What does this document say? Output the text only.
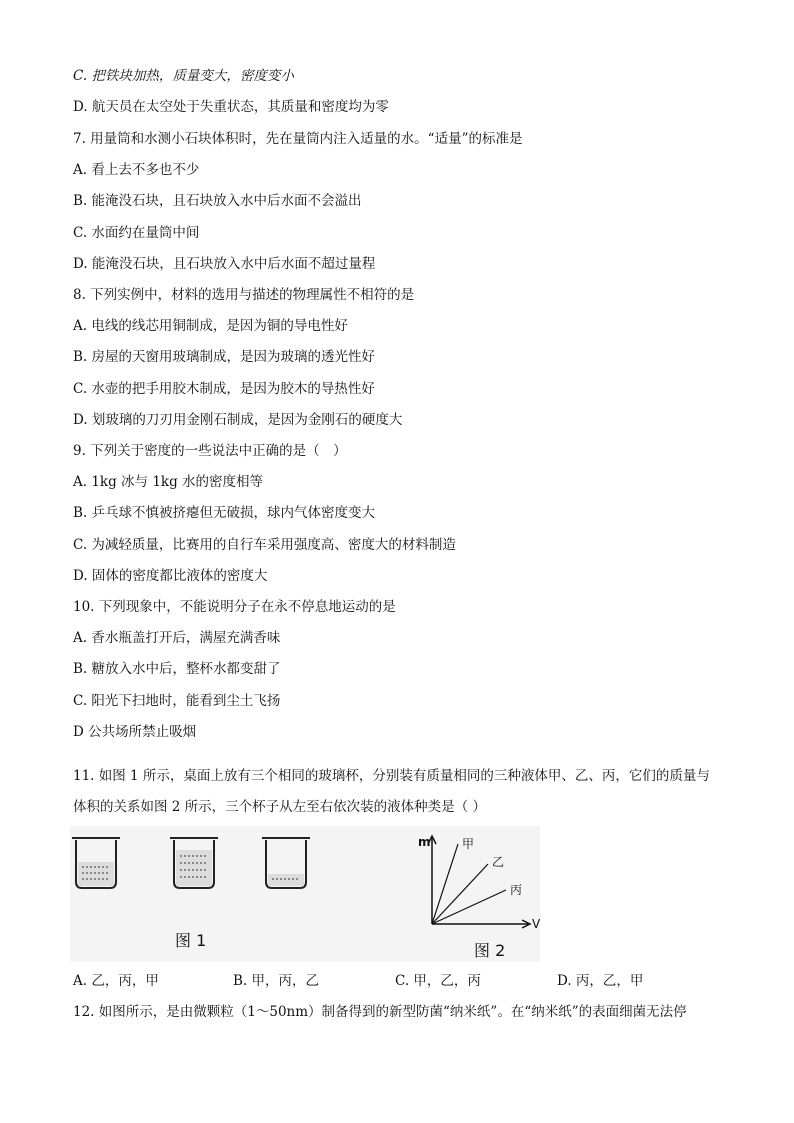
C. 把铁块加热，质量变大，密度变小
D. 航天员在太空处于失重状态，其质量和密度均为零
7. 用量筒和水测小石块体积时，先在量筒内注入适量的水。“适量”的标准是
A. 看上去不多也不少
B. 能淹没石块，且石块放入水中后水面不会溢出
C. 水面约在量筒中间
D. 能淹没石块，且石块放入水中后水面不超过量程
8. 下列实例中，材料的选用与描述的物理属性不相符的是
A. 电线的线芯用铜制成，是因为铜的导电性好
B. 房屋的天窗用玻璃制成，是因为玻璃的透光性好
C. 水壶的把手用胶木制成，是因为胶木的导热性好
D. 划玻璃的刀刃用金刚石制成，是因为金刚石的硬度大
9. 下列关于密度的一些说法中正确的是（　）
A. 1kg 冰与 1kg 水的密度相等
B. 乒乓球不慎被挤瘪但无破损，球内气体密度变大
C. 为减轻质量，比赛用的自行车采用强度高、密度大的材料制造
D. 固体的密度都比液体的密度大
10. 下列现象中，不能说明分子在永不停息地运动的是
A. 香水瓶盖打开后，满屋充满香味
B. 糖放入水中后，整杯水都变甜了
C. 阳光下扫地时，能看到尘土飞扬
D 公共场所禁止吸烟
11. 如图 1 所示，桌面上放有三个相同的玻璃杯，分别装有质量相同的三种液体甲、乙、丙，它们的质量与体积的关系如图 2 所示，三个杯子从左至右依次装的液体种类是（ ）
图 1
m
V
甲
乙
丙
图 2
A. 乙，丙，甲	B. 甲，丙，乙	C. 甲，乙，丙	D. 丙，乙，甲
12. 如图所示，是由微颗粒（1～50nm）制备得到的新型防菌“纳米纸”。在“纳米纸”的表面细菌无法停
